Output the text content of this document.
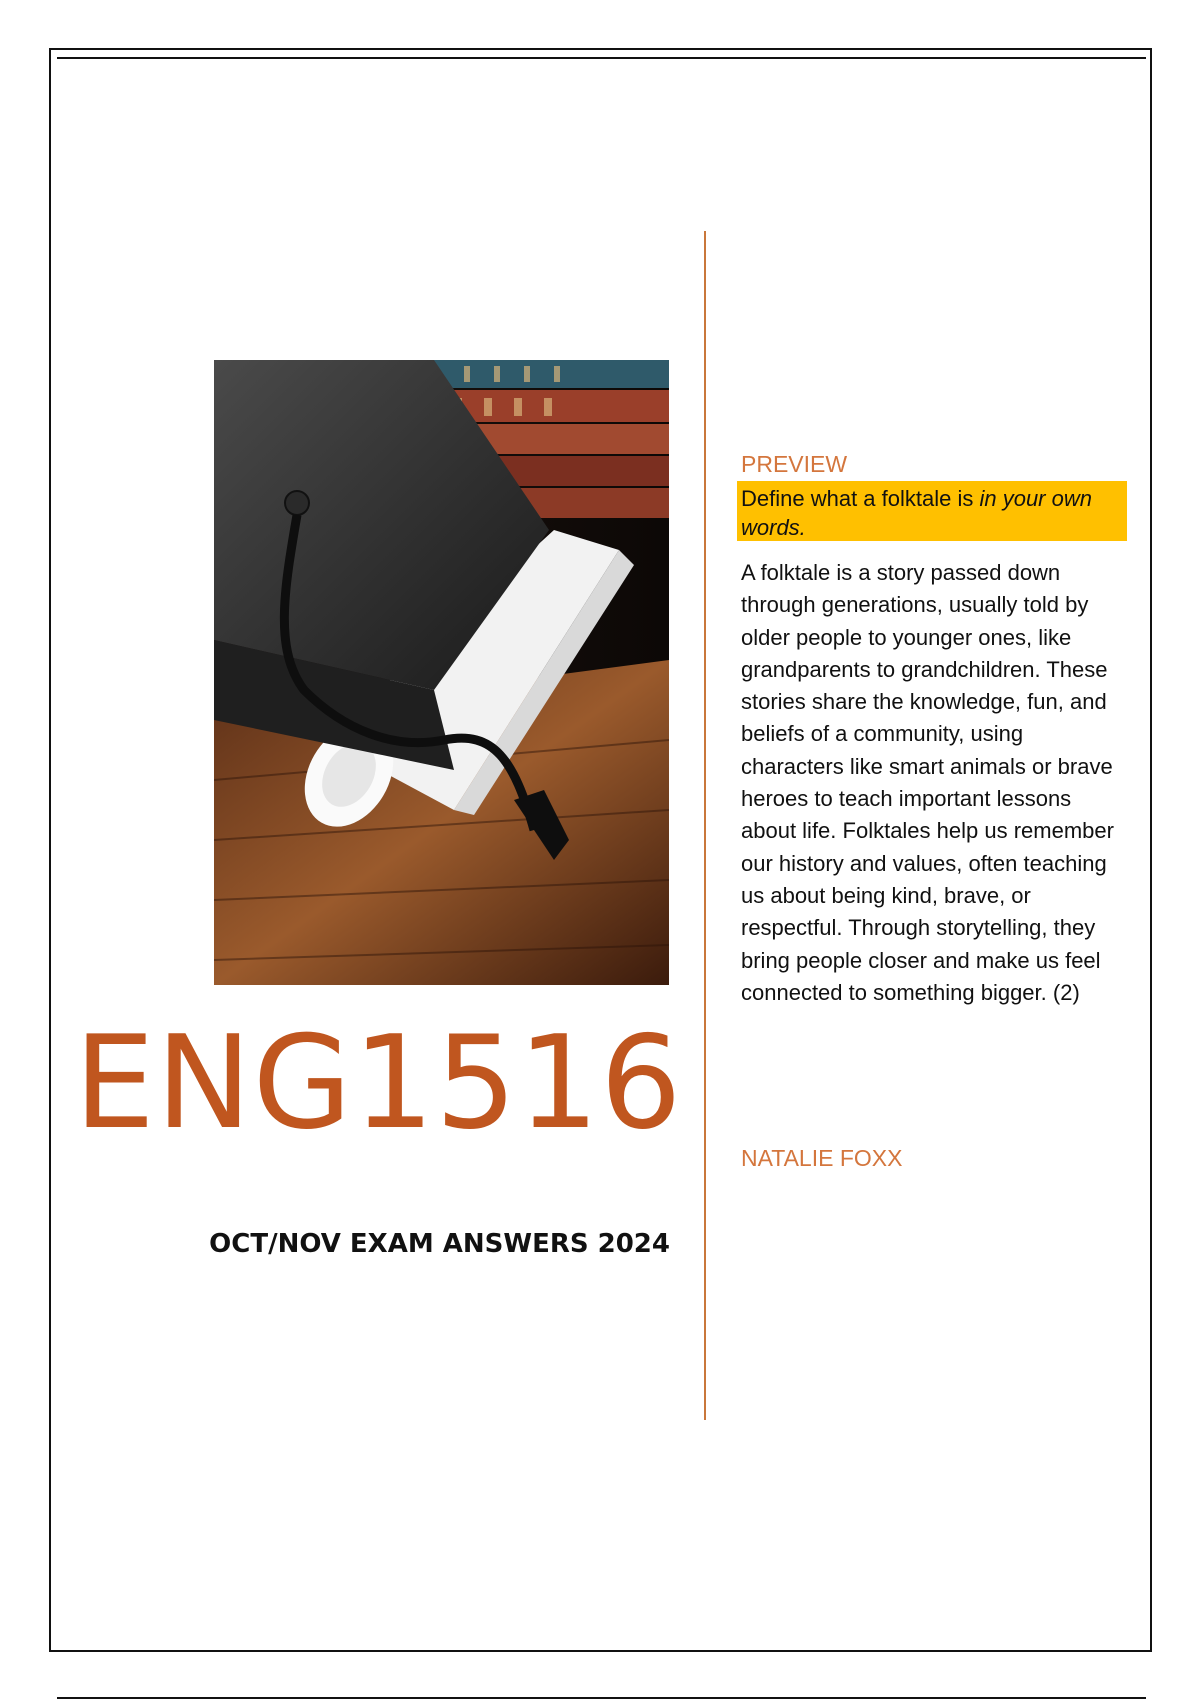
ENG1516
OCT/NOV EXAM ANSWERS 2024
PREVIEW
Define what a folktale is in your own words.
A folktale is a story passed down through generations, usually told by older people to younger ones, like grandparents to grandchildren. These stories share the knowledge, fun, and beliefs of a community, using characters like smart animals or brave heroes to teach important lessons about life. Folktales help us remember our history and values, often teaching us about being kind, brave, or respectful. Through storytelling, they bring people closer and make us feel connected to something bigger. (2)
NATALIE FOXX
